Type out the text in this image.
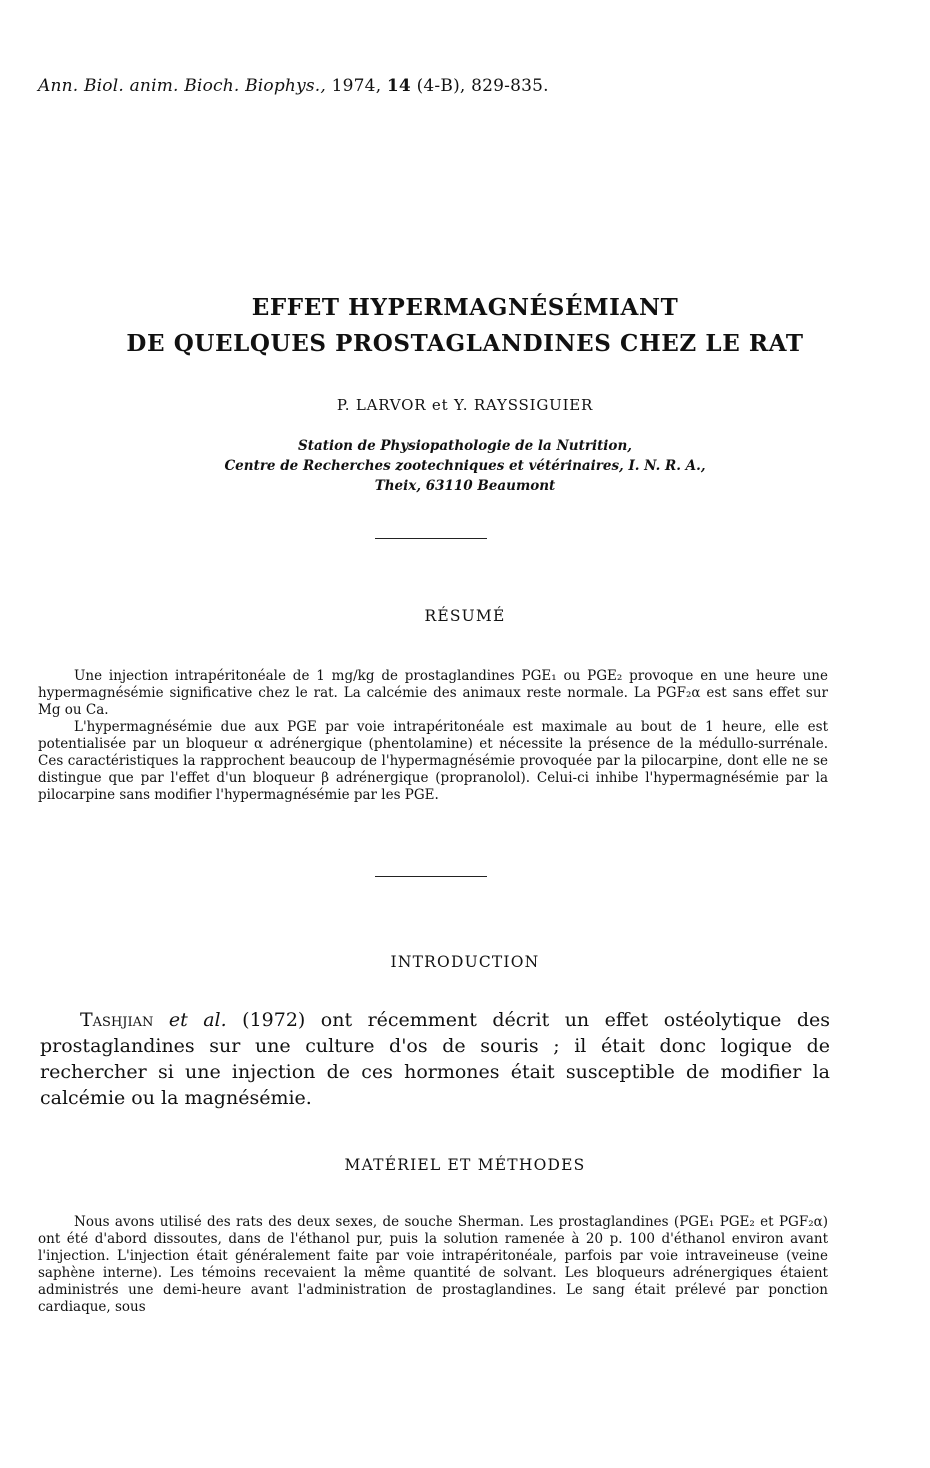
Ann. Biol. anim. Bioch. Biophys., 1974, 14 (4-B), 829-835.
EFFET HYPERMAGNÉSÉMIANT
DE QUELQUES PROSTAGLANDINES CHEZ LE RAT
P. LARVOR et Y. RAYSSIGUIER
Station de Physiopathologie de la Nutrition,
Centre de Recherches zootechniques et vétérinaires, I. N. R. A.,
Theix, 63110 Beaumont
RÉSUMÉ

Une injection intrapéritonéale de 1 mg/kg de prostaglandines PGE₁ ou PGE₂ provoque en une heure une hypermagnésémie significative chez le rat. La calcémie des animaux reste normale. La PGF₂α est sans effet sur Mg ou Ca.

L'hypermagnésémie due aux PGE par voie intrapéritonéale est maximale au bout de 1 heure, elle est potentialisée par un bloqueur α adrénergique (phentolamine) et nécessite la présence de la médullo-surrénale. Ces caractéristiques la rapprochent beaucoup de l'hypermagnésémie provoquée par la pilocarpine, dont elle ne se distingue que par l'effet d'un bloqueur β adrénergique (propranolol). Celui-ci inhibe l'hypermagnésémie par la pilocarpine sans modifier l'hypermagnésémie par les PGE.

INTRODUCTION

Tashjian et al. (1972) ont récemment décrit un effet ostéolytique des prostaglandines sur une culture d'os de souris ; il était donc logique de rechercher si une injection de ces hormones était susceptible de modifier la calcémie ou la magnésémie.

MATÉRIEL ET MÉTHODES

Nous avons utilisé des rats des deux sexes, de souche Sherman. Les prostaglandines (PGE₁ PGE₂ et PGF₂α) ont été d'abord dissoutes, dans de l'éthanol pur, puis la solution ramenée à 20 p. 100 d'éthanol environ avant l'injection. L'injection était généralement faite par voie intrapéritonéale, parfois par voie intraveineuse (veine saphène interne). Les témoins recevaient la même quantité de solvant. Les bloqueurs adrénergiques étaient administrés une demi-heure avant l'administration de prostaglandines. Le sang était prélevé par ponction cardiaque, sous
